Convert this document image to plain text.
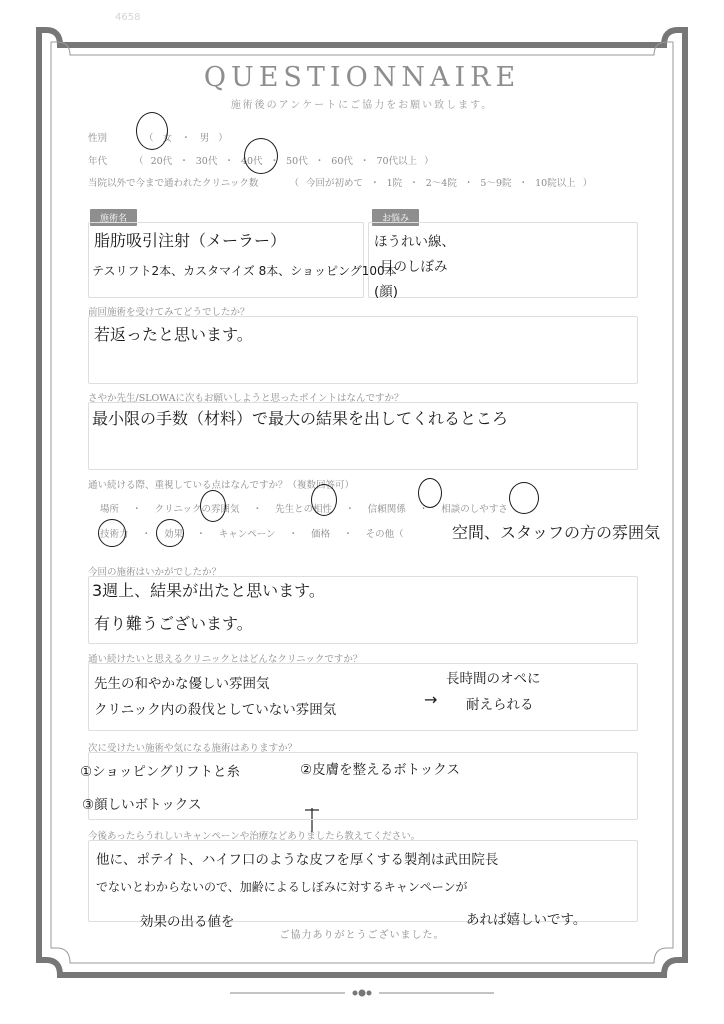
4658
QUESTIONNAIRE
施術後のアンケートにご協力をお願い致します。
性別	（ 女 ・ 男 ）
年代	（ 20代 ・ 30代 ・ 40代 ・ 50代 ・ 60代 ・ 70代以上 ）
当院以外で今まで通われたクリニック数	（ 今回が初めて ・ 1院 ・ 2～4院 ・ 5～9院 ・ 10院以上 ）
施術名
脂肪吸引注射（メーラー）
テスリフト2本、カスタマイズ 8本、ショッピング100本
お悩み
ほうれい線、
目のしぼみ
(顔)
前回施術を受けてみてどうでしたか？
若返ったと思います。
さやか先生/SLOWAに次もお願いしようと思ったポイントはなんですか？
最小限の手数（材料）で最大の結果を出してくれるところ
通い続ける際、重視している点はなんですか？（複数回答可）
場所 ・ クリニックの雰囲気 ・ 先生との相性 ・ 信頼関係 ・ 相談のしやすさ
技術力 ・ 効果 ・ キャンペーン ・ 価格 ・ その他（	空間、スタッフの方の雰囲気
今回の施術はいかがでしたか？
3週上、結果が出たと思います。
有り難うございます。
通い続けたいと思えるクリニックとはどんなクリニックですか？
先生の和やかな優しい雰囲気
クリニック内の殺伐としていない雰囲気
→
長時間のオペに
耐えられる
次に受けたい施術や気になる施術はありますか？
①ショッピングリフトと糸	②皮膚を整えるボトックス
③顔しいボトックス
今後あったらうれしいキャンペーンや治療などありましたら教えてください。
他に、ポテイト、ハイフ口のような皮フを厚くする製剤は武田院長
でないとわからないので、加齢によるしぼみに対するキャンペーンが
効果の出る値を	あれば嬉しいです。
ご協力ありがとうございました。
